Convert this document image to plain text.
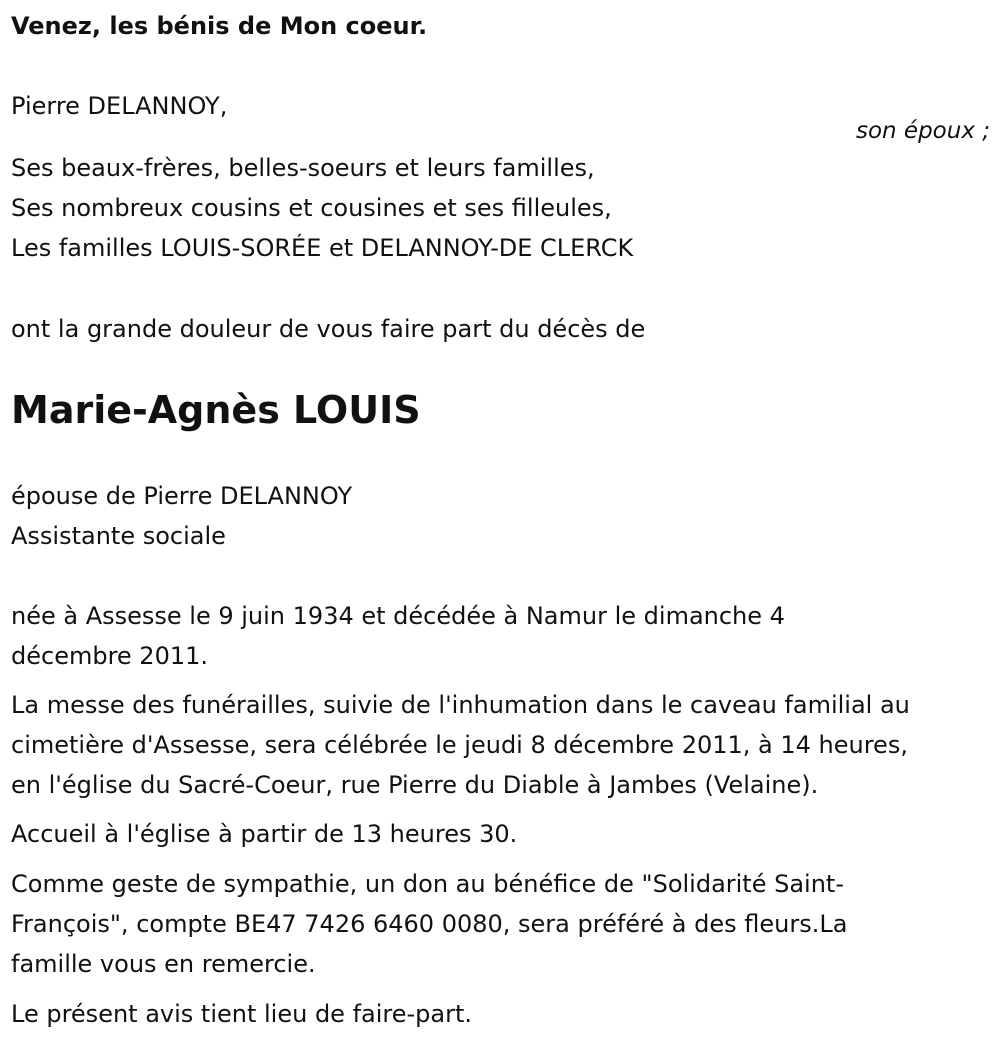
Venez, les bénis de Mon coeur.

Pierre DELANNOY,

son époux ;

Ses beaux-frères, belles-soeurs et leurs familles,

Ses nombreux cousins et cousines et ses filleules,

Les familles LOUIS-SORÉE et DELANNOY-DE CLERCK

ont la grande douleur de vous faire part du décès de

Marie-Agnès LOUIS

épouse de Pierre DELANNOY

Assistante sociale

née à Assesse le 9 juin 1934 et décédée à Namur le dimanche 4

décembre 2011.

La messe des funérailles, suivie de l'inhumation dans le caveau familial au

cimetière d'Assesse, sera célébrée le jeudi 8 décembre 2011, à 14 heures,

en l'église du Sacré-Coeur, rue Pierre du Diable à Jambes (Velaine).

Accueil à l'église à partir de 13 heures 30.

Comme geste de sympathie, un don au bénéfice de "Solidarité Saint-

François", compte BE47 7426 6460 0080, sera préféré à des fleurs.La

famille vous en remercie.

Le présent avis tient lieu de faire-part.
